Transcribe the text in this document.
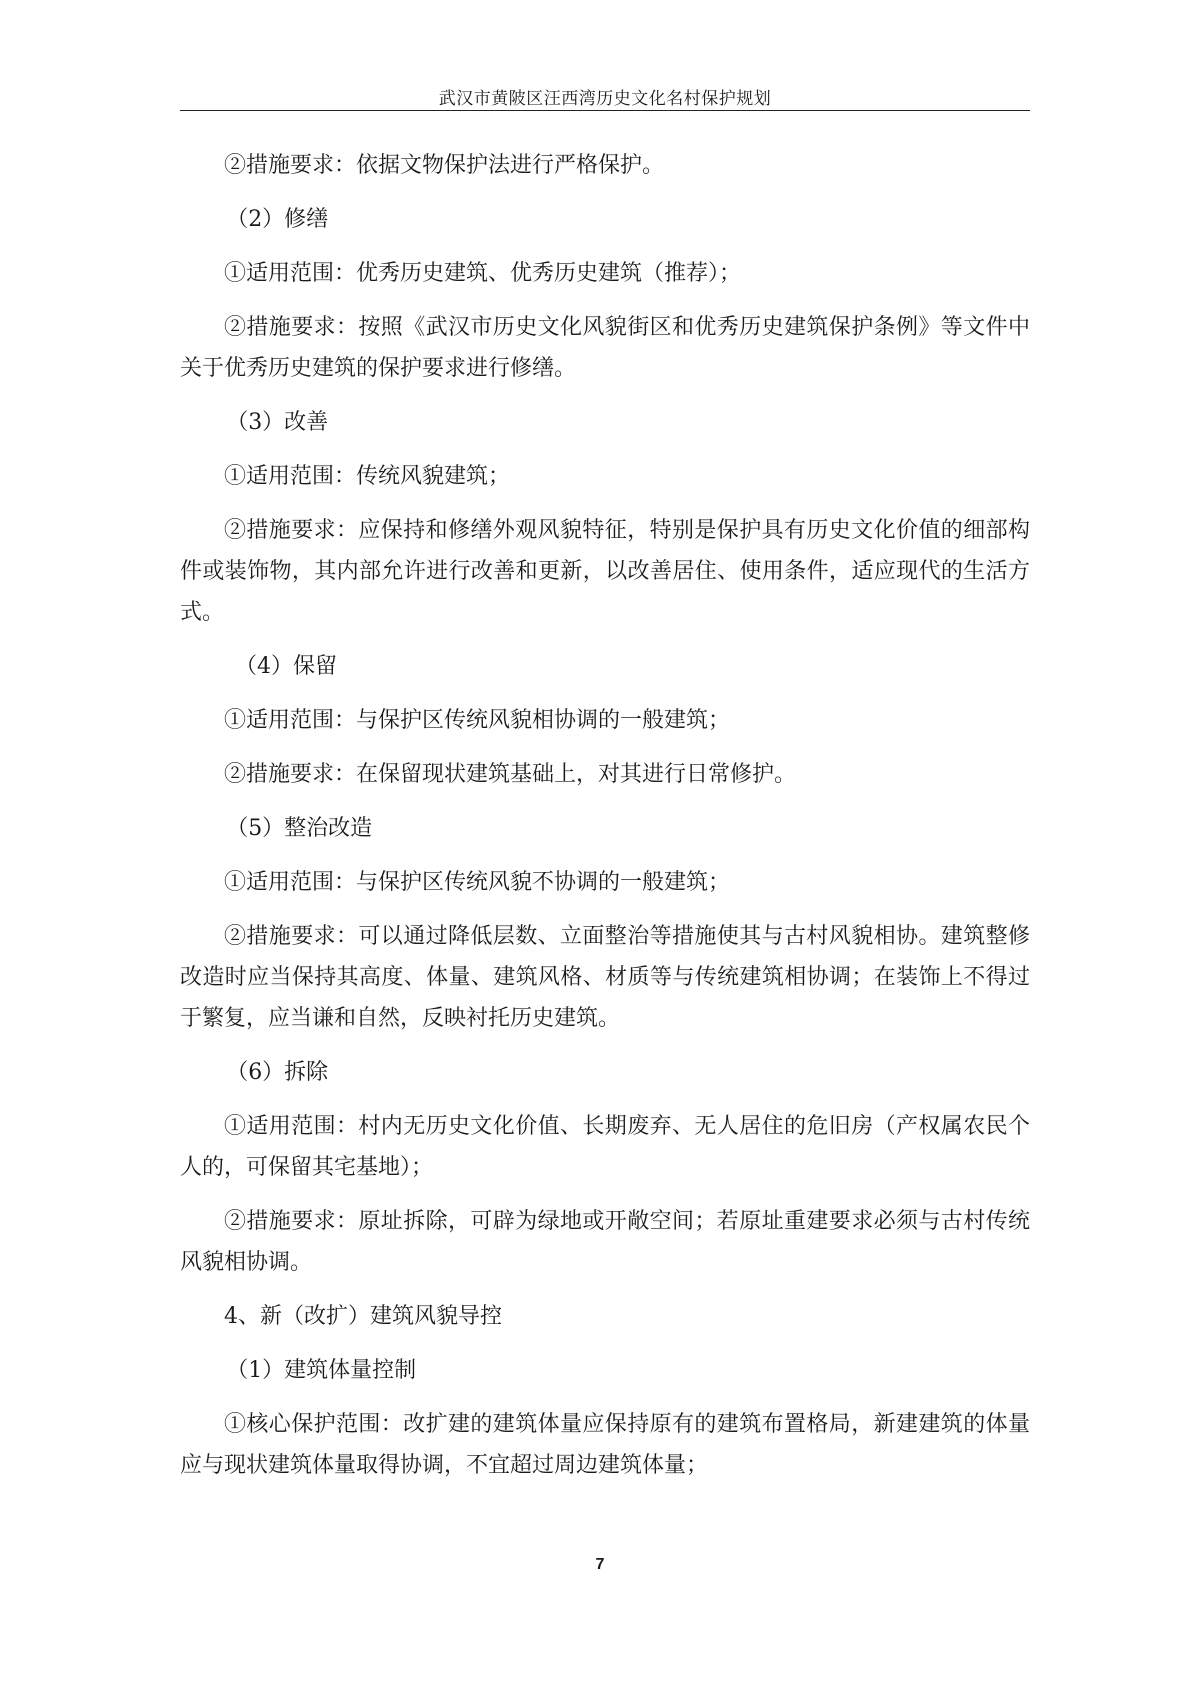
武汉市黄陂区汪西湾历史文化名村保护规划

②措施要求：依据文物保护法进行严格保护。

（2）修缮

①适用范围：优秀历史建筑、优秀历史建筑（推荐）；

②措施要求：按照《武汉市历史文化风貌街区和优秀历史建筑保护条例》等文件中关于优秀历史建筑的保护要求进行修缮。

（3）改善

①适用范围：传统风貌建筑；

②措施要求：应保持和修缮外观风貌特征，特别是保护具有历史文化价值的细部构件或装饰物，其内部允许进行改善和更新，以改善居住、使用条件，适应现代的生活方式。

（4）保留

①适用范围：与保护区传统风貌相协调的一般建筑；

②措施要求：在保留现状建筑基础上，对其进行日常修护。

（5）整治改造

①适用范围：与保护区传统风貌不协调的一般建筑；

②措施要求：可以通过降低层数、立面整治等措施使其与古村风貌相协。建筑整修改造时应当保持其高度、体量、建筑风格、材质等与传统建筑相协调；在装饰上不得过于繁复，应当谦和自然，反映衬托历史建筑。

（6）拆除

①适用范围：村内无历史文化价值、长期废弃、无人居住的危旧房（产权属农民个人的，可保留其宅基地）；

②措施要求：原址拆除，可辟为绿地或开敞空间；若原址重建要求必须与古村传统风貌相协调。

4、新（改扩）建筑风貌导控

（1）建筑体量控制

①核心保护范围：改扩建的建筑体量应保持原有的建筑布置格局，新建建筑的体量应与现状建筑体量取得协调，不宜超过周边建筑体量；

7
